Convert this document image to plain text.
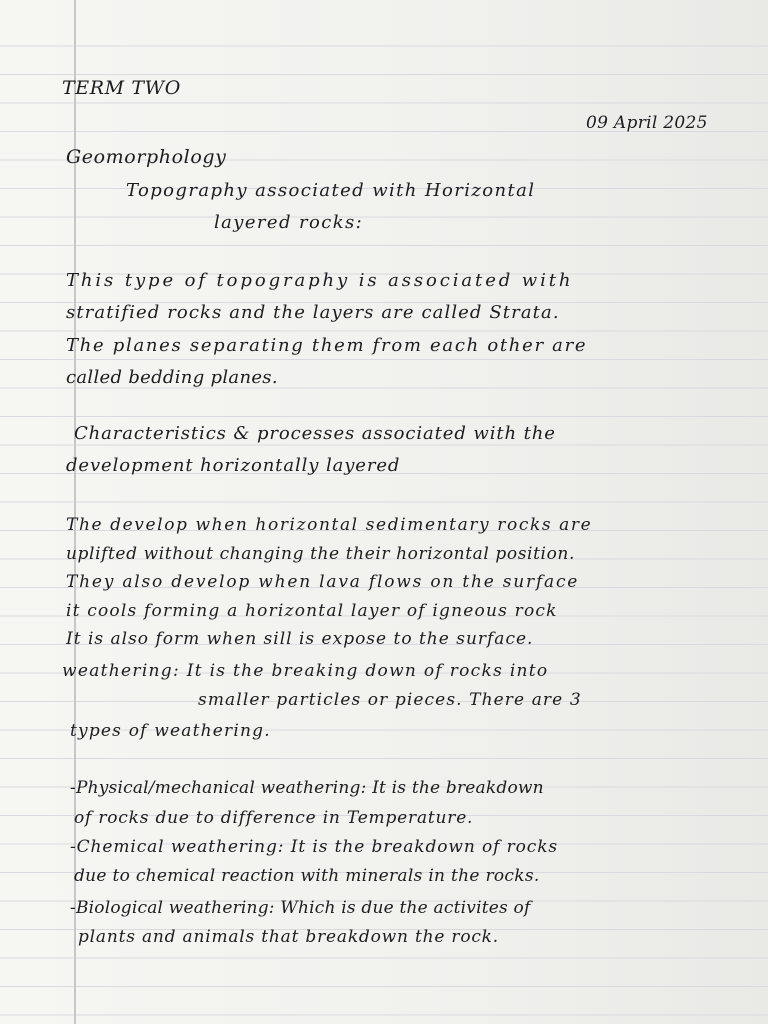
TERM TWO

09 April 2025

Geomorphology

Topography associated with Horizontal

layered rocks:

This type of topography is associated with

stratified rocks and the layers are called Strata.

The planes separating them from each other are

called bedding planes.

Characteristics & processes associated with the

development horizontally layered

The develop when horizontal sedimentary rocks are

uplifted without changing the their horizontal position.

They also develop when lava flows on the surface

it cools forming a horizontal layer of igneous rock

It is also form when sill is expose to the surface.

weathering: It is the breaking down of rocks into

smaller particles or pieces. There are 3

types of weathering.

-Physical/mechanical weathering: It is the breakdown

of rocks due to difference in Temperature.

-Chemical weathering: It is the breakdown of rocks

due to chemical reaction with minerals in the rocks.

-Biological weathering: Which is due the activites of

plants and animals that breakdown the rock.
